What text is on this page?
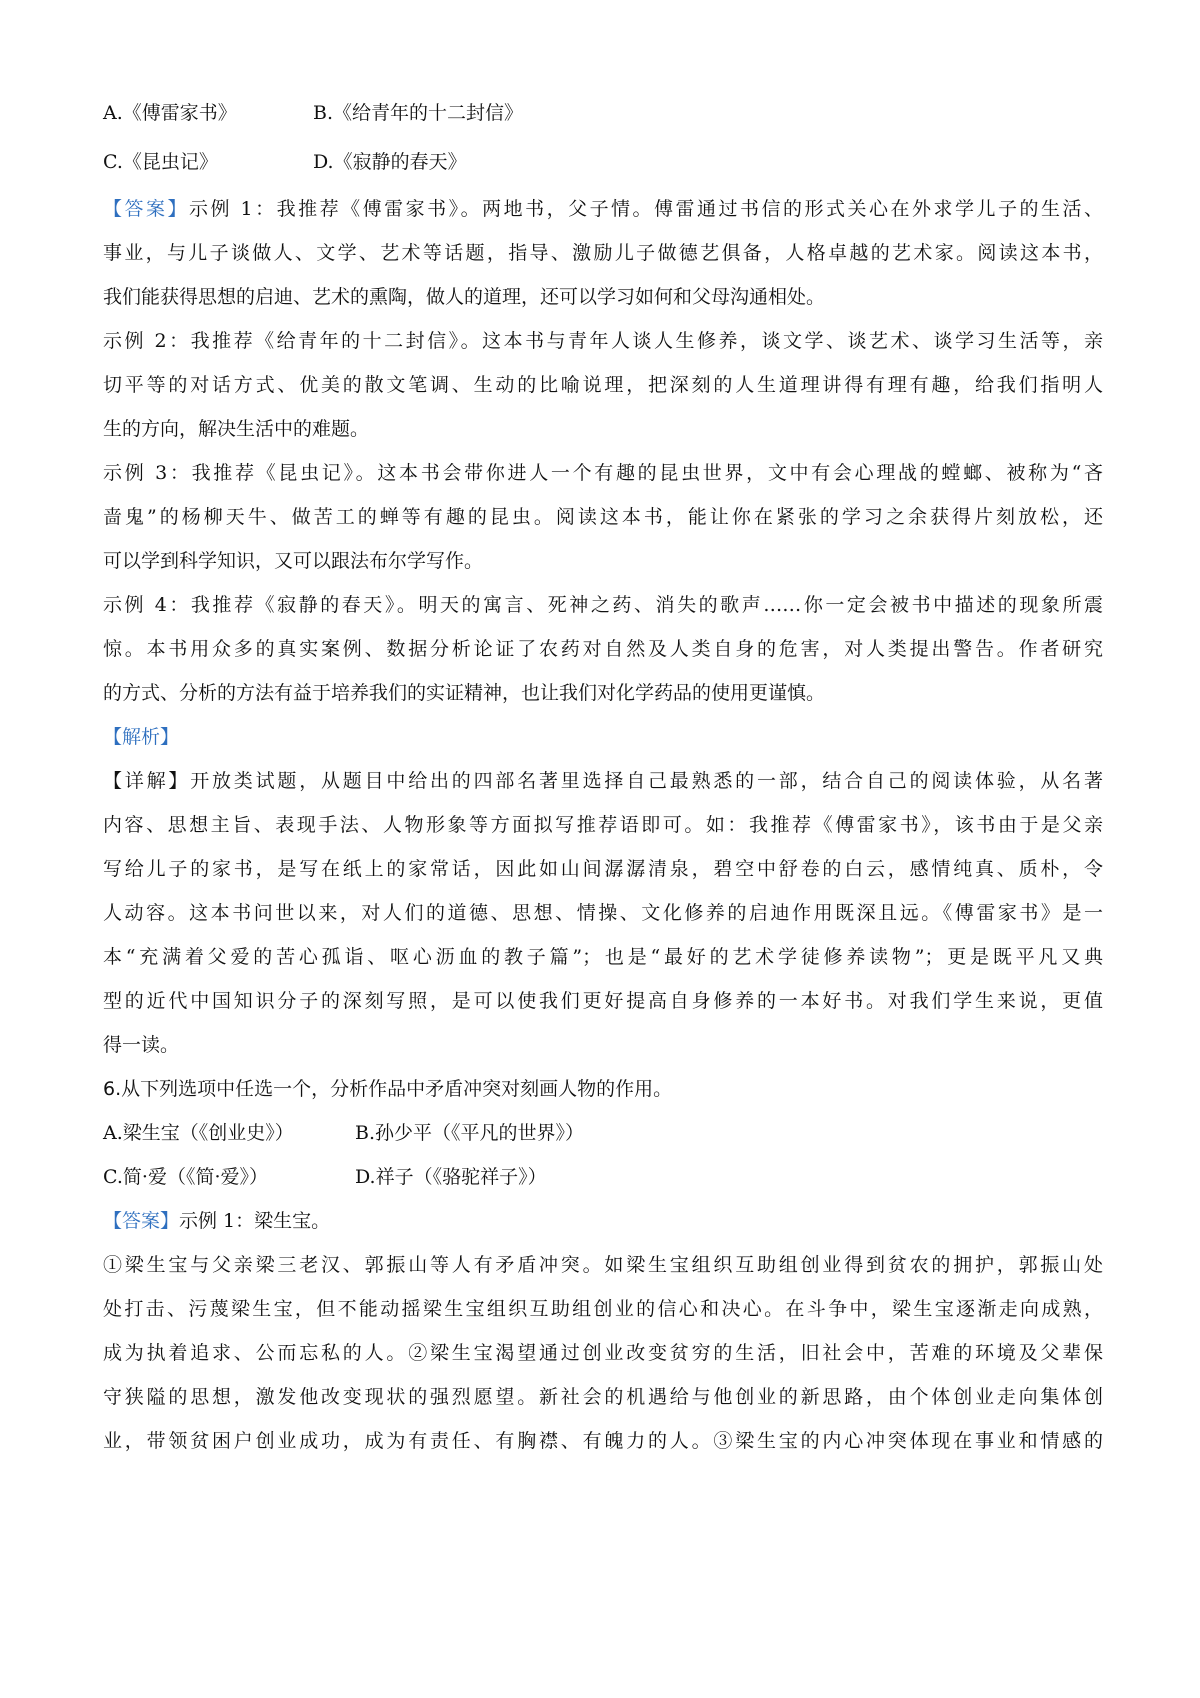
A.《傅雷家书》	B.《给青年的十二封信》
C.《昆虫记》	D.《寂静的春天》
【答案】示例 1：我推荐《傅雷家书》。两地书，父子情。傅雷通过书信的形式关心在外求学儿子的生活、
事业，与儿子谈做人、文学、艺术等话题，指导、激励儿子做德艺俱备，人格卓越的艺术家。阅读这本书，
我们能获得思想的启迪、艺术的熏陶，做人的道理，还可以学习如何和父母沟通相处。
示例 2：我推荐《给青年的十二封信》。这本书与青年人谈人生修养，谈文学、谈艺术、谈学习生活等，亲
切平等的对话方式、优美的散文笔调、生动的比喻说理，把深刻的人生道理讲得有理有趣，给我们指明人
生的方向，解决生活中的难题。
示例 3：我推荐《昆虫记》。这本书会带你进人一个有趣的昆虫世界，文中有会心理战的螳螂、被称为“吝
啬鬼”的杨柳天牛、做苦工的蝉等有趣的昆虫。阅读这本书，能让你在紧张的学习之余获得片刻放松，还
可以学到科学知识，又可以跟法布尔学写作。
示例 4：我推荐《寂静的春天》。明天的寓言、死神之药、消失的歌声……你一定会被书中描述的现象所震
惊。本书用众多的真实案例、数据分析论证了农药对自然及人类自身的危害，对人类提出警告。作者研究
的方式、分析的方法有益于培养我们的实证精神，也让我们对化学药品的使用更谨慎。
【解析】
【详解】开放类试题，从题目中给出的四部名著里选择自己最熟悉的一部，结合自己的阅读体验，从名著
内容、思想主旨、表现手法、人物形象等方面拟写推荐语即可。如：我推荐《傅雷家书》，该书由于是父亲
写给儿子的家书，是写在纸上的家常话，因此如山间潺潺清泉，碧空中舒卷的白云，感情纯真、质朴，令
人动容。这本书问世以来，对人们的道德、思想、情操、文化修养的启迪作用既深且远。《傅雷家书》是一
本“充满着父爱的苦心孤诣、呕心沥血的教子篇”；也是“最好的艺术学徒修养读物”；更是既平凡又典
型的近代中国知识分子的深刻写照，是可以使我们更好提高自身修养的一本好书。对我们学生来说，更值
得一读。
6.从下列选项中任选一个，分析作品中矛盾冲突对刻画人物的作用。
A.梁生宝（《创业史》）	B.孙少平（《平凡的世界》）
C.简·爱（《简·爱》）	D.祥子（《骆驼祥子》）
【答案】示例 1：梁生宝。
①梁生宝与父亲梁三老汉、郭振山等人有矛盾冲突。如梁生宝组织互助组创业得到贫农的拥护，郭振山处
处打击、污蔑梁生宝，但不能动摇梁生宝组织互助组创业的信心和决心。在斗争中，梁生宝逐渐走向成熟，
成为执着追求、公而忘私的人。②梁生宝渴望通过创业改变贫穷的生活，旧社会中，苦难的环境及父辈保
守狭隘的思想，激发他改变现状的强烈愿望。新社会的机遇给与他创业的新思路，由个体创业走向集体创
业，带领贫困户创业成功，成为有责任、有胸襟、有魄力的人。③梁生宝的内心冲突体现在事业和情感的
